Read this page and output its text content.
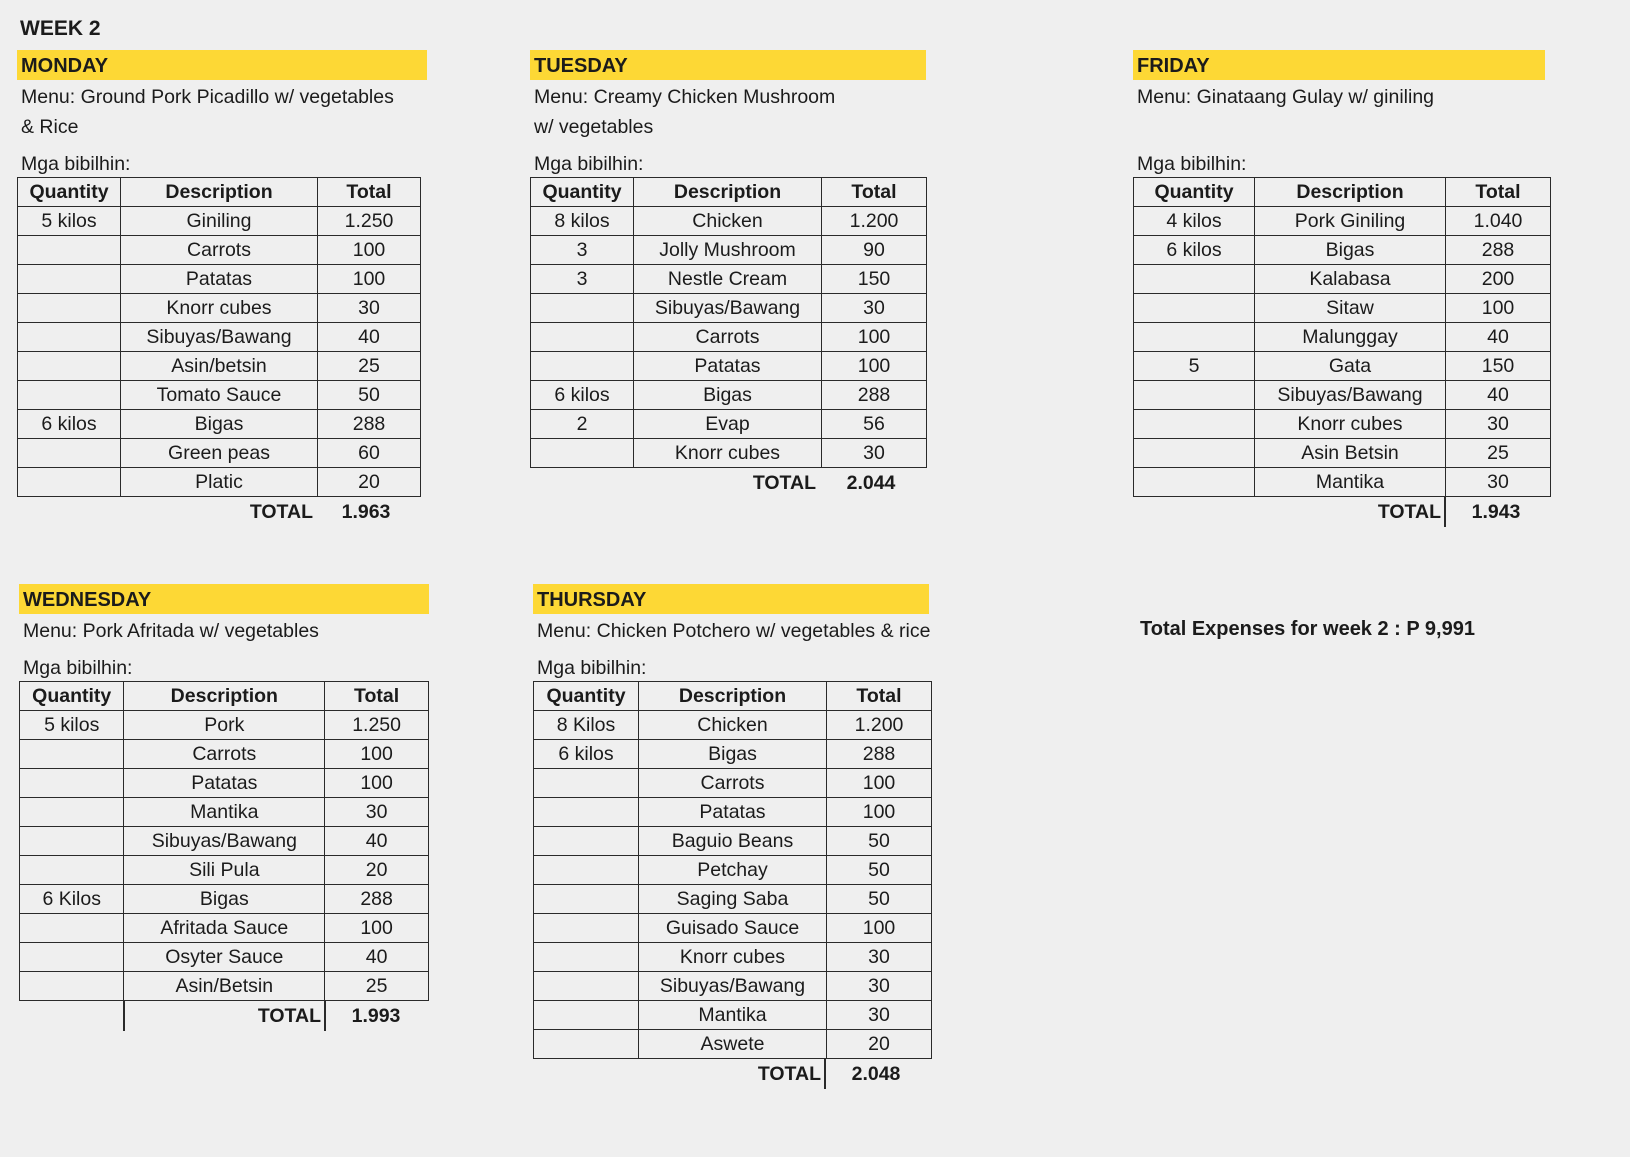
WEEK 2
MONDAY
Menu: Ground Pork Picadillo w/ vegetables
& Rice
Mga bibilhin:
Quantity	Description	Total
5 kilos	Giniling	1.250
	Carrots	100
	Patatas	100
	Knorr cubes	30
	Sibuyas/Bawang	40
	Asin/betsin	25
	Tomato Sauce	50
6 kilos	Bigas	288
	Green peas	60
	Platic	20
TOTAL	1.963
TUESDAY
Menu: Creamy Chicken Mushroom
w/ vegetables
Mga bibilhin:
Quantity	Description	Total
8 kilos	Chicken	1.200
3	Jolly Mushroom	90
3	Nestle Cream	150
	Sibuyas/Bawang	30
	Carrots	100
	Patatas	100
6 kilos	Bigas	288
2	Evap	56
	Knorr cubes	30
TOTAL	2.044
FRIDAY
Menu: Ginataang Gulay w/ giniling
Mga bibilhin:
Quantity	Description	Total
4 kilos	Pork Giniling	1.040
6 kilos	Bigas	288
	Kalabasa	200
	Sitaw	100
	Malunggay	40
5	Gata	150
	Sibuyas/Bawang	40
	Knorr cubes	30
	Asin Betsin	25
	Mantika	30
TOTAL	1.943
WEDNESDAY
Menu: Pork Afritada w/ vegetables
Mga bibilhin:
Quantity	Description	Total
5 kilos	Pork	1.250
	Carrots	100
	Patatas	100
	Mantika	30
	Sibuyas/Bawang	40
	Sili Pula	20
6 Kilos	Bigas	288
	Afritada Sauce	100
	Osyter Sauce	40
	Asin/Betsin	25
TOTAL	1.993
THURSDAY
Menu: Chicken Potchero w/ vegetables & rice
Mga bibilhin:
Quantity	Description	Total
8 Kilos	Chicken	1.200
6 kilos	Bigas	288
	Carrots	100
	Patatas	100
	Baguio Beans	50
	Petchay	50
	Saging Saba	50
	Guisado Sauce	100
	Knorr cubes	30
	Sibuyas/Bawang	30
	Mantika	30
	Aswete	20
TOTAL	2.048
Total Expenses for week 2 : P 9,991
